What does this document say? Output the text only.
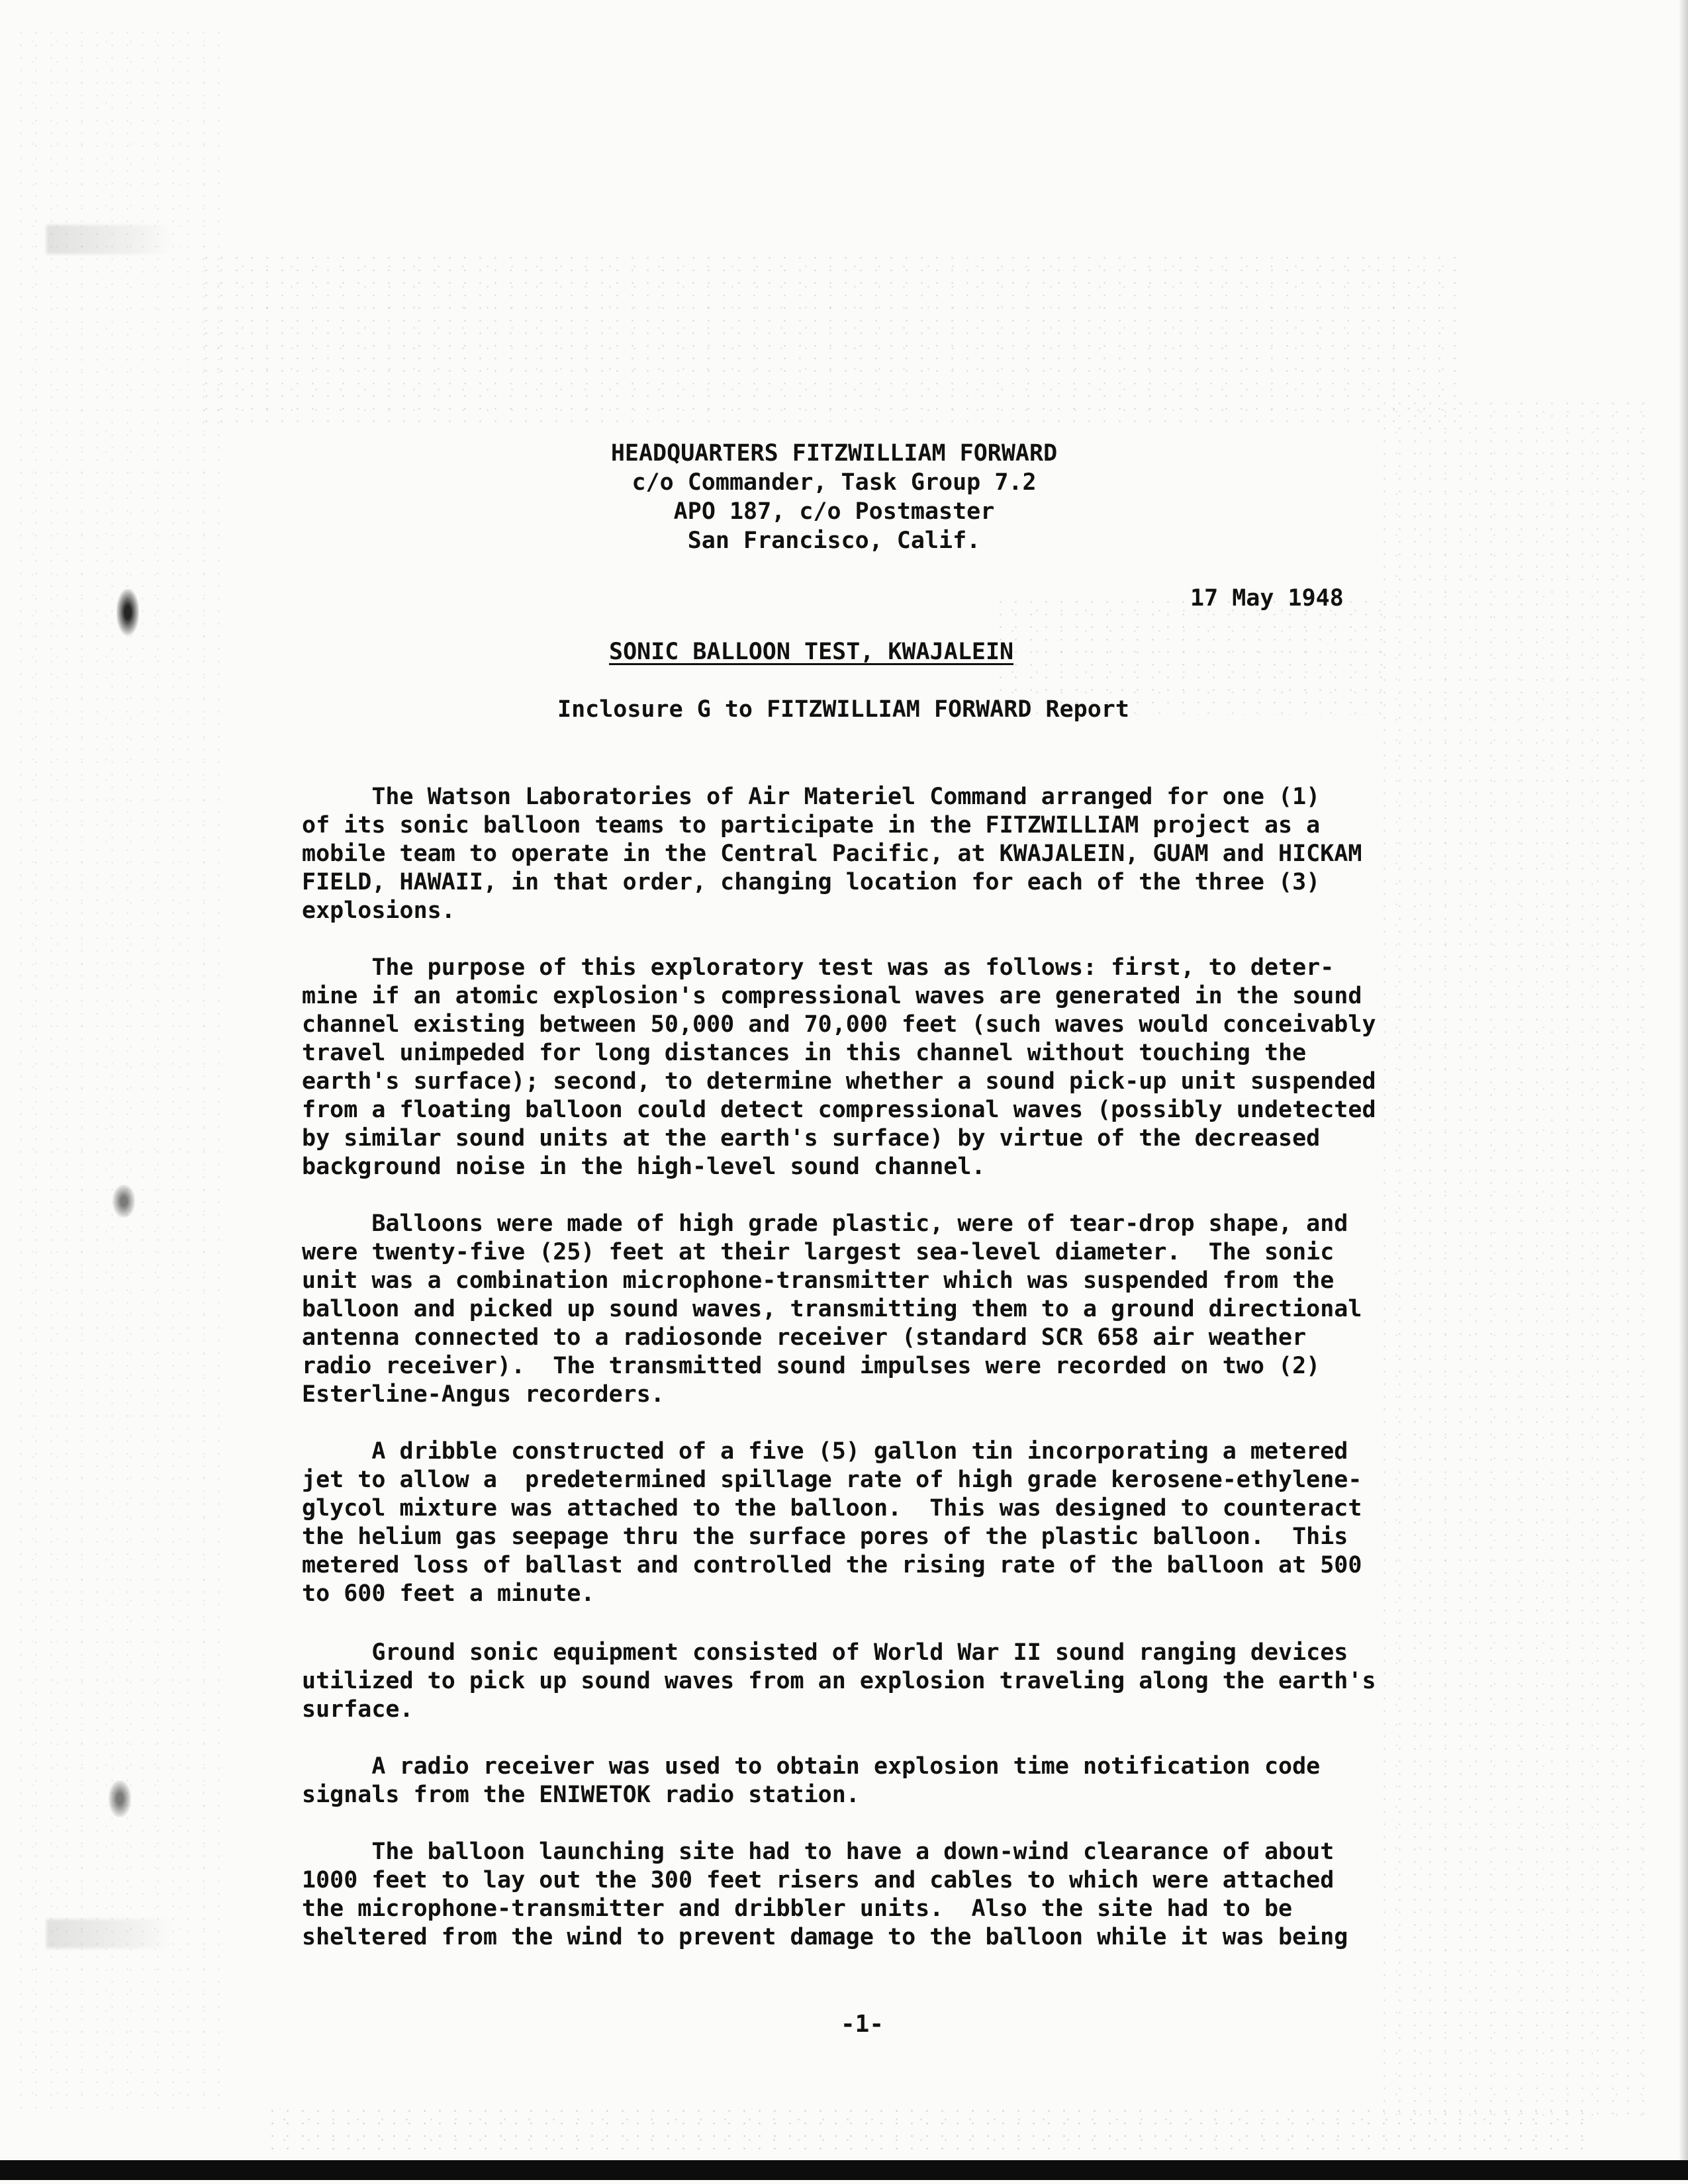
HEADQUARTERS FITZWILLIAM FORWARD
c/o Commander, Task Group 7.2
APO 187, c/o Postmaster
San Francisco, Calif.
17 May 1948
SONIC BALLOON TEST, KWAJALEIN
Inclosure G to FITZWILLIAM FORWARD Report
The Watson Laboratories of Air Materiel Command arranged for one (1)
of its sonic balloon teams to participate in the FITZWILLIAM project as a
mobile team to operate in the Central Pacific, at KWAJALEIN, GUAM and HICKAM
FIELD, HAWAII, in that order, changing location for each of the three (3)
explosions.
The purpose of this exploratory test was as follows: first, to deter-
mine if an atomic explosion's compressional waves are generated in the sound
channel existing between 50,000 and 70,000 feet (such waves would conceivably
travel unimpeded for long distances in this channel without touching the
earth's surface); second, to determine whether a sound pick-up unit suspended
from a floating balloon could detect compressional waves (possibly undetected
by similar sound units at the earth's surface) by virtue of the decreased
background noise in the high-level sound channel.
Balloons were made of high grade plastic, were of tear-drop shape, and
were twenty-five (25) feet at their largest sea-level diameter.  The sonic
unit was a combination microphone-transmitter which was suspended from the
balloon and picked up sound waves, transmitting them to a ground directional
antenna connected to a radiosonde receiver (standard SCR 658 air weather
radio receiver).  The transmitted sound impulses were recorded on two (2)
Esterline-Angus recorders.
A dribble constructed of a five (5) gallon tin incorporating a metered
jet to allow a  predetermined spillage rate of high grade kerosene-ethylene-
glycol mixture was attached to the balloon.  This was designed to counteract
the helium gas seepage thru the surface pores of the plastic balloon.  This
metered loss of ballast and controlled the rising rate of the balloon at 500
to 600 feet a minute.
Ground sonic equipment consisted of World War II sound ranging devices
utilized to pick up sound waves from an explosion traveling along the earth's
surface.
A radio receiver was used to obtain explosion time notification code
signals from the ENIWETOK radio station.
The balloon launching site had to have a down-wind clearance of about
1000 feet to lay out the 300 feet risers and cables to which were attached
the microphone-transmitter and dribbler units.  Also the site had to be
sheltered from the wind to prevent damage to the balloon while it was being
-1-
